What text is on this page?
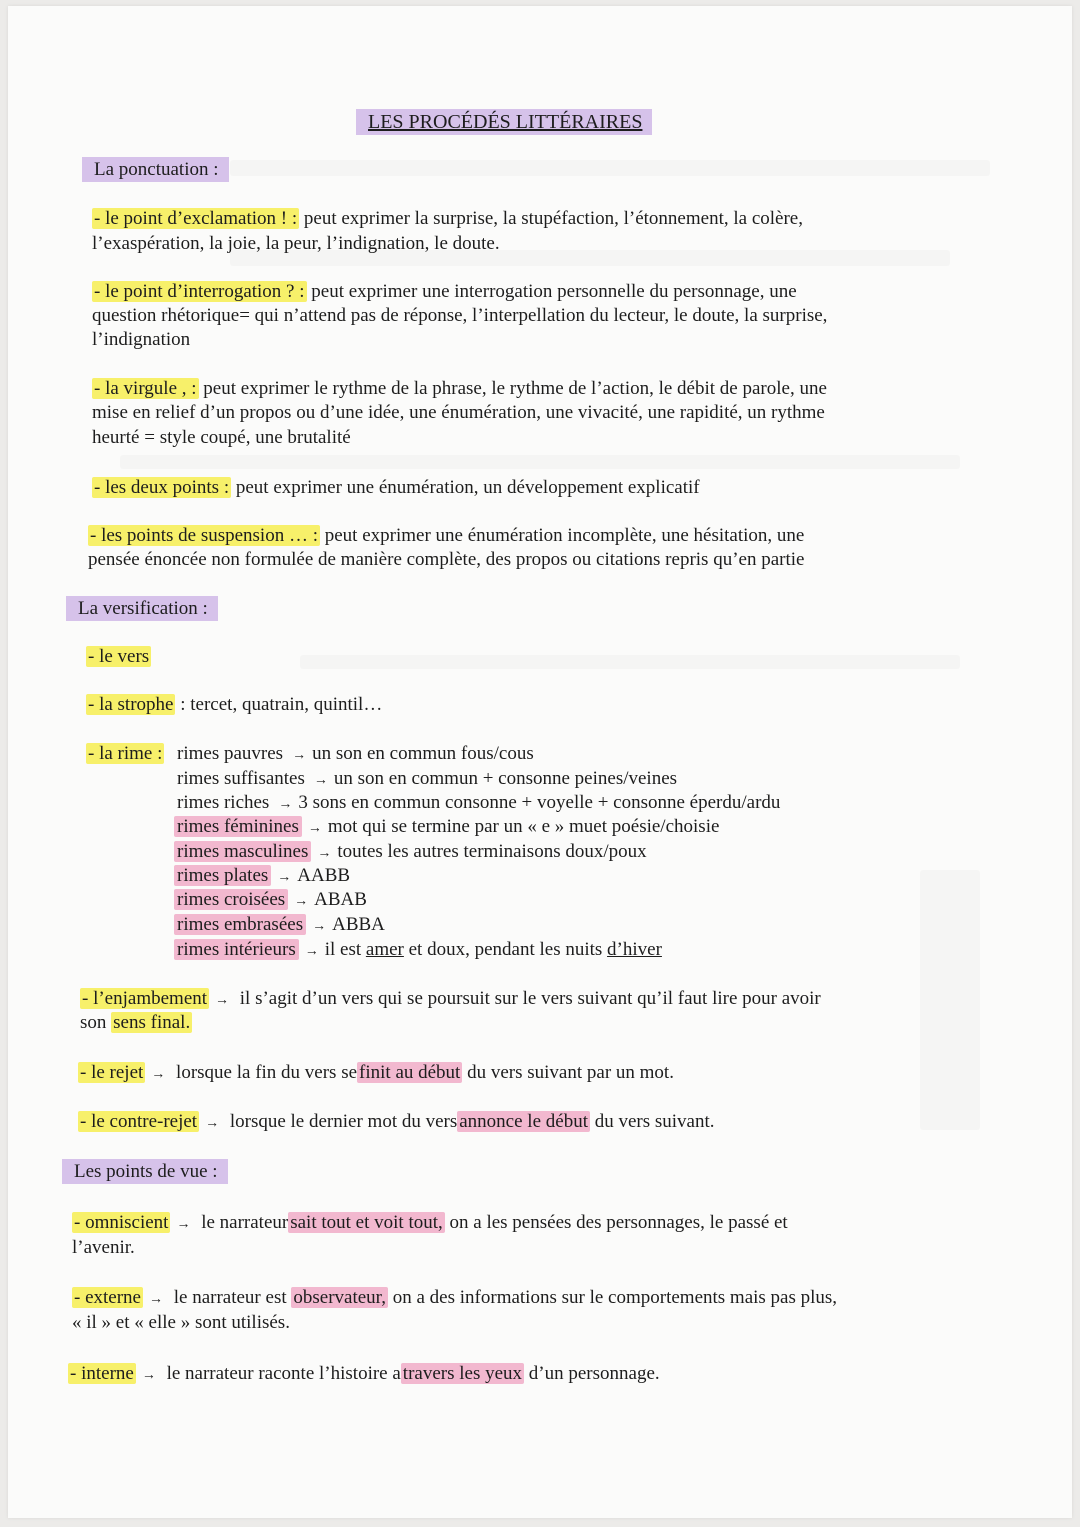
LES PROCÉDÉS LITTÉRAIRES
La ponctuation :
- le point d’exclamation ! : peut exprimer la surprise, la stupéfaction, l’étonnement, la colère,
l’exaspération, la joie, la peur, l’indignation, le doute.
- le point d’interrogation ? : peut exprimer une interrogation personnelle du personnage, une
question rhétorique= qui n’attend pas de réponse, l’interpellation du lecteur, le doute, la surprise,
l’indignation
- la virgule , : peut exprimer le rythme de la phrase, le rythme de l’action, le débit de parole, une
mise en relief d’un propos ou d’une idée, une énumération, une vivacité, une rapidité, un rythme
heurté = style coupé, une brutalité
- les deux points : peut exprimer une énumération, un développement explicatif
- les points de suspension … : peut exprimer une énumération incomplète, une hésitation, une
pensée énoncée non formulée de manière complète, des propos ou citations repris qu’en partie
La versification :
- le vers
- la strophe : tercet, quatrain, quintil…
- la rime : rimes pauvres → un son en commun fous/cous
rimes suffisantes → un son en commun + consonne peines/veines
rimes riches → 3 sons en commun consonne + voyelle + consonne éperdu/ardu
rimes féminines → mot qui se termine par un « e » muet poésie/choisie
rimes masculines → toutes les autres terminaisons doux/poux
rimes plates → AABB
rimes croisées → ABAB
rimes embrasées → ABBA
rimes intérieurs → il est amer et doux, pendant les nuits d’hiver
- l’enjambement → il s’agit d’un vers qui se poursuit sur le vers suivant qu’il faut lire pour avoir
son sens final.
- le rejet → lorsque la fin du vers se finit au début du vers suivant par un mot.
- le contre-rejet → lorsque le dernier mot du vers annonce le début du vers suivant.
Les points de vue :
- omniscient → le narrateur sait tout et voit tout, on a les pensées des personnages, le passé et
l’avenir.
- externe → le narrateur est observateur, on a des informations sur le comportements mais pas plus,
« il » et « elle » sont utilisés.
- interne → le narrateur raconte l’histoire a travers les yeux d’un personnage.
